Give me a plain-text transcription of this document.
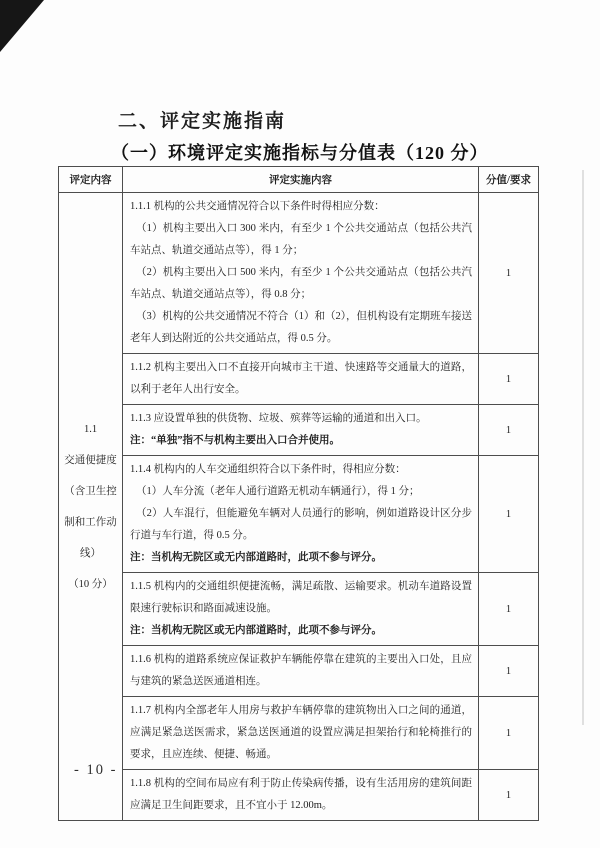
二、评定实施指南
（一）环境评定实施指标与分值表（120 分）
评定内容	评定实施内容	分值/要求

1.1
交通便捷度
（含卫生控
制和工作动
线）
（10 分）

1.1.1 机构的公共交通情况符合以下条件时得相应分数：
（1）机构主要出入口 300 米内，有至少 1 个公共交通站点（包括公共汽车站点、轨道交通站点等），得 1 分；
（2）机构主要出入口 500 米内，有至少 1 个公共交通站点（包括公共汽车站点、轨道交通站点等），得 0.8 分；
（3）机构的公共交通情况不符合（1）和（2），但机构设有定期班车接送老年人到达附近的公共交通站点，得 0.5 分。
	1

	1.1.2 机构主要出入口不直接开向城市主干道、快速路等交通量大的道路，以利于老年人出行安全。	1

	1.1.3 应设置单独的供货物、垃圾、殡葬等运输的通道和出入口。
注：“单独”指不与机构主要出入口合并使用。	1

	1.1.4 机构内的人车交通组织符合以下条件时，得相应分数：
（1）人车分流（老年人通行道路无机动车辆通行），得 1 分；
（2）人车混行，但能避免车辆对人员通行的影响，例如道路设计区分步行道与车行道，得 0.5 分。
注：当机构无院区或无内部道路时，此项不参与评分。	1

	1.1.5 机构内的交通组织便捷流畅，满足疏散、运输要求。机动车道路设置限速行驶标识和路面减速设施。
注：当机构无院区或无内部道路时，此项不参与评分。	1

	1.1.6 机构的道路系统应保证救护车辆能停靠在建筑的主要出入口处，且应与建筑的紧急送医通道相连。	1

	1.1.7 机构内全部老年人用房与救护车辆停靠的建筑物出入口之间的通道，应满足紧急送医需求，紧急送医通道的设置应满足担架抬行和轮椅推行的要求，且应连续、便捷、畅通。	1

	1.1.8 机构的空间布局应有利于防止传染病传播，设有生活用房的建筑间距应满足卫生间距要求，且不宜小于 12.00m。	1
- 10 -
